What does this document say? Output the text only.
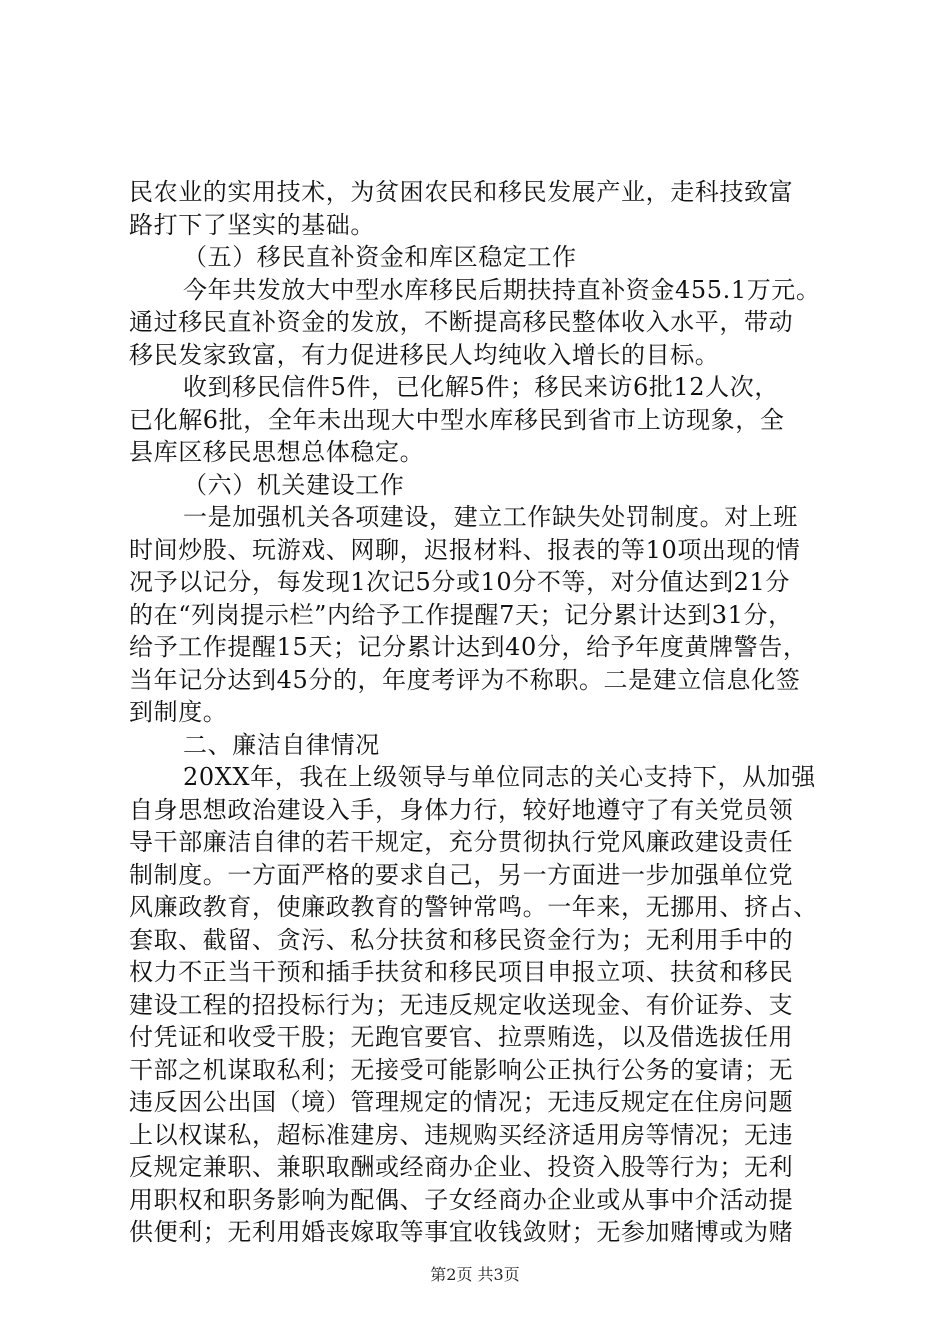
民农业的实用技术，为贫困农民和移民发展产业，走科技致富

路打下了坚实的基础。

（五）移民直补资金和库区稳定工作

今年共发放大中型水库移民后期扶持直补资金455.1万元。

通过移民直补资金的发放，不断提高移民整体收入水平，带动

移民发家致富，有力促进移民人均纯收入增长的目标。

收到移民信件5件，已化解5件；移民来访6批12人次，

已化解6批，全年未出现大中型水库移民到省市上访现象，全

县库区移民思想总体稳定。

（六）机关建设工作

一是加强机关各项建设，建立工作缺失处罚制度。对上班

时间炒股、玩游戏、网聊，迟报材料、报表的等10项出现的情

况予以记分，每发现1次记5分或10分不等，对分值达到21分

的在“列岗提示栏”内给予工作提醒7天；记分累计达到31分，

给予工作提醒15天；记分累计达到40分，给予年度黄牌警告，

当年记分达到45分的，年度考评为不称职。二是建立信息化签

到制度。

二、廉洁自律情况

20XX年，我在上级领导与单位同志的关心支持下，从加强

自身思想政治建设入手，身体力行，较好地遵守了有关党员领

导干部廉洁自律的若干规定，充分贯彻执行党风廉政建设责任

制制度。一方面严格的要求自己，另一方面进一步加强单位党

风廉政教育，使廉政教育的警钟常鸣。一年来，无挪用、挤占、

套取、截留、贪污、私分扶贫和移民资金行为；无利用手中的

权力不正当干预和插手扶贫和移民项目申报立项、扶贫和移民

建设工程的招投标行为；无违反规定收送现金、有价证券、支

付凭证和收受干股；无跑官要官、拉票贿选，以及借选拔任用

干部之机谋取私利；无接受可能影响公正执行公务的宴请；无

违反因公出国（境）管理规定的情况；无违反规定在住房问题

上以权谋私，超标准建房、违规购买经济适用房等情况；无违

反规定兼职、兼职取酬或经商办企业、投资入股等行为；无利

用职权和职务影响为配偶、子女经商办企业或从事中介活动提

供便利；无利用婚丧嫁取等事宜收钱敛财；无参加赌博或为赌

第2页 共3页
